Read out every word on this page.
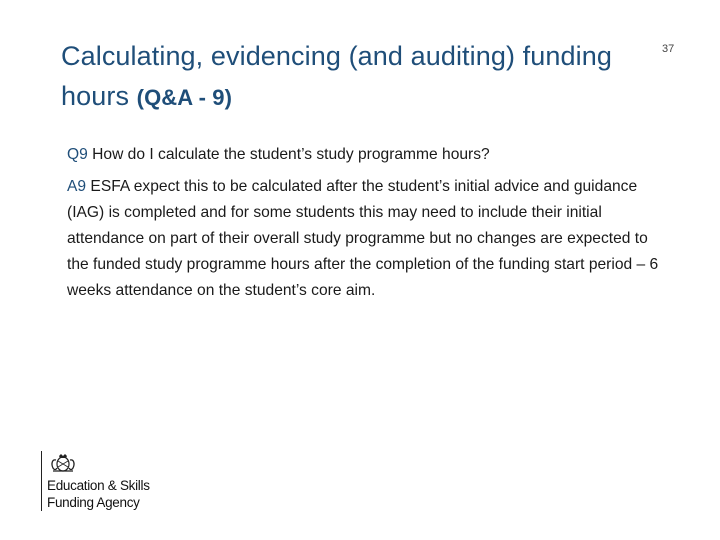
Calculating, evidencing (and auditing) funding hours (Q&A - 9)
37
Q9 How do I calculate the student’s study programme hours?
A9 ESFA expect this to be calculated after the student’s initial advice and guidance (IAG) is completed and for some students this may need to include their initial attendance on part of their overall study programme but no changes are expected to the funded study programme hours after the completion of the funding start period – 6 weeks attendance on the student’s core aim.
Education & Skills
Funding Agency
